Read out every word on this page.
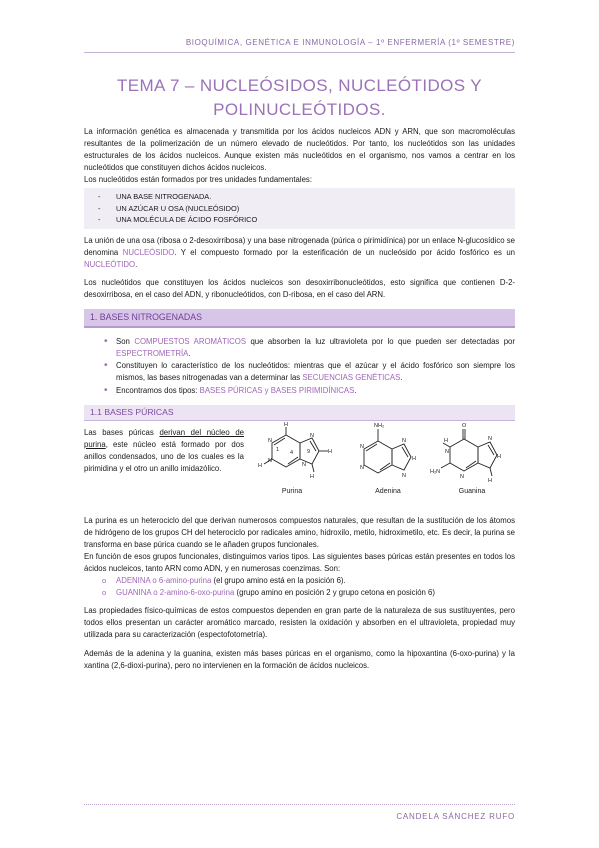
BIOQUÍMICA, GENÉTICA E INMUNOLOGÍA – 1º ENFERMERÍA (1º SEMESTRE)
TEMA 7 – NUCLEÓSIDOS, NUCLEÓTIDOS Y
POLINUCLEÓTIDOS.

La información genética es almacenada y transmitida por los ácidos nucleicos ADN y ARN, que son macromoléculas resultantes de la polimerización de un número elevado de nucleótidos. Por tanto, los nucleótidos son las unidades estructurales de los ácidos nucleicos. Aunque existen más nucleótidos en el organismo, nos vamos a centrar en los nucleótidos que constituyen dichos ácidos nucleicos.

Los nucleótidos están formados por tres unidades fundamentales:

- UNA BASE NITROGENADA.
- UN AZÚCAR U OSA (NUCLEÓSIDO)
- UNA MOLÉCULA DE ÁCIDO FOSFÓRICO

La unión de una osa (ribosa o 2-desoxirribosa) y una base nitrogenada (púrica o pirimidínica) por un enlace N-glucosídico se denomina NUCLEÓSIDO. Y el compuesto formado por la esterificación de un nucleósido por ácido fosfórico es un NUCLEÓTIDO.

Los nucleótidos que constituyen los ácidos nucleicos son desoxirribonucleótidos, esto significa que contienen D-2-desoxirribosa, en el caso del ADN, y ribonucleótidos, con D-ribosa, en el caso del ARN.

1. BASES NITROGENADAS
• Son COMPUESTOS AROMÁTICOS que absorben la luz ultravioleta por lo que pueden ser detectadas por ESPECTROMETRÍA.
• Constituyen lo característico de los nucleótidos: mientras que el azúcar y el ácido fosfórico son siempre los mismos, las bases nitrogenadas van a determinar las SECUENCIAS GENÉTICAS.
• Encontramos dos tipos: BASES PÚRICAS y BASES PIRIMIDÍNICAS.
1.1 BASES PÚRICAS

Las bases púricas derivan del núcleo de purina, este núcleo está formado por dos anillos condensados, uno de los cuales es la pirimidina y el otro un anillo imidazólico.

H
H
H
H
N
N
N
N
1 4	9
Purina
NH₂
N
N
N
N
H
Adenina
O
H
N
H₂N
N
N
H
H
Guanina

La purina es un heterociclo del que derivan numerosos compuestos naturales, que resultan de la sustitución de los átomos de hidrógeno de los grupos CH del heterociclo por radicales amino, hidroxilo, metilo, hidroximetilo, etc. Es decir, la purina se transforma en base púrica cuando se le añaden grupos funcionales.

En función de esos grupos funcionales, distinguimos varios tipos. Las siguientes bases púricas están presentes en todos los ácidos nucleicos, tanto ARN como ADN, y en numerosas coenzimas. Son:

o ADENINA o 6-amino-purina (el grupo amino está en la posición 6).
o GUANINA o 2-amino-6-oxo-purina (grupo amino en posición 2 y grupo cetona en posición 6)

Las propiedades físico-químicas de estos compuestos dependen en gran parte de la naturaleza de sus sustituyentes, pero todos ellos presentan un carácter aromático marcado, resisten la oxidación y absorben en el ultravioleta, propiedad muy utilizada para su caracterización (espectofotometría).

Además de la adenina y la guanina, existen más bases púricas en el organismo, como la hipoxantina (6-oxo-purina) y la xantina (2,6-dioxi-purina), pero no intervienen en la formación de ácidos nucleicos.

CANDELA SÁNCHEZ RUFO
